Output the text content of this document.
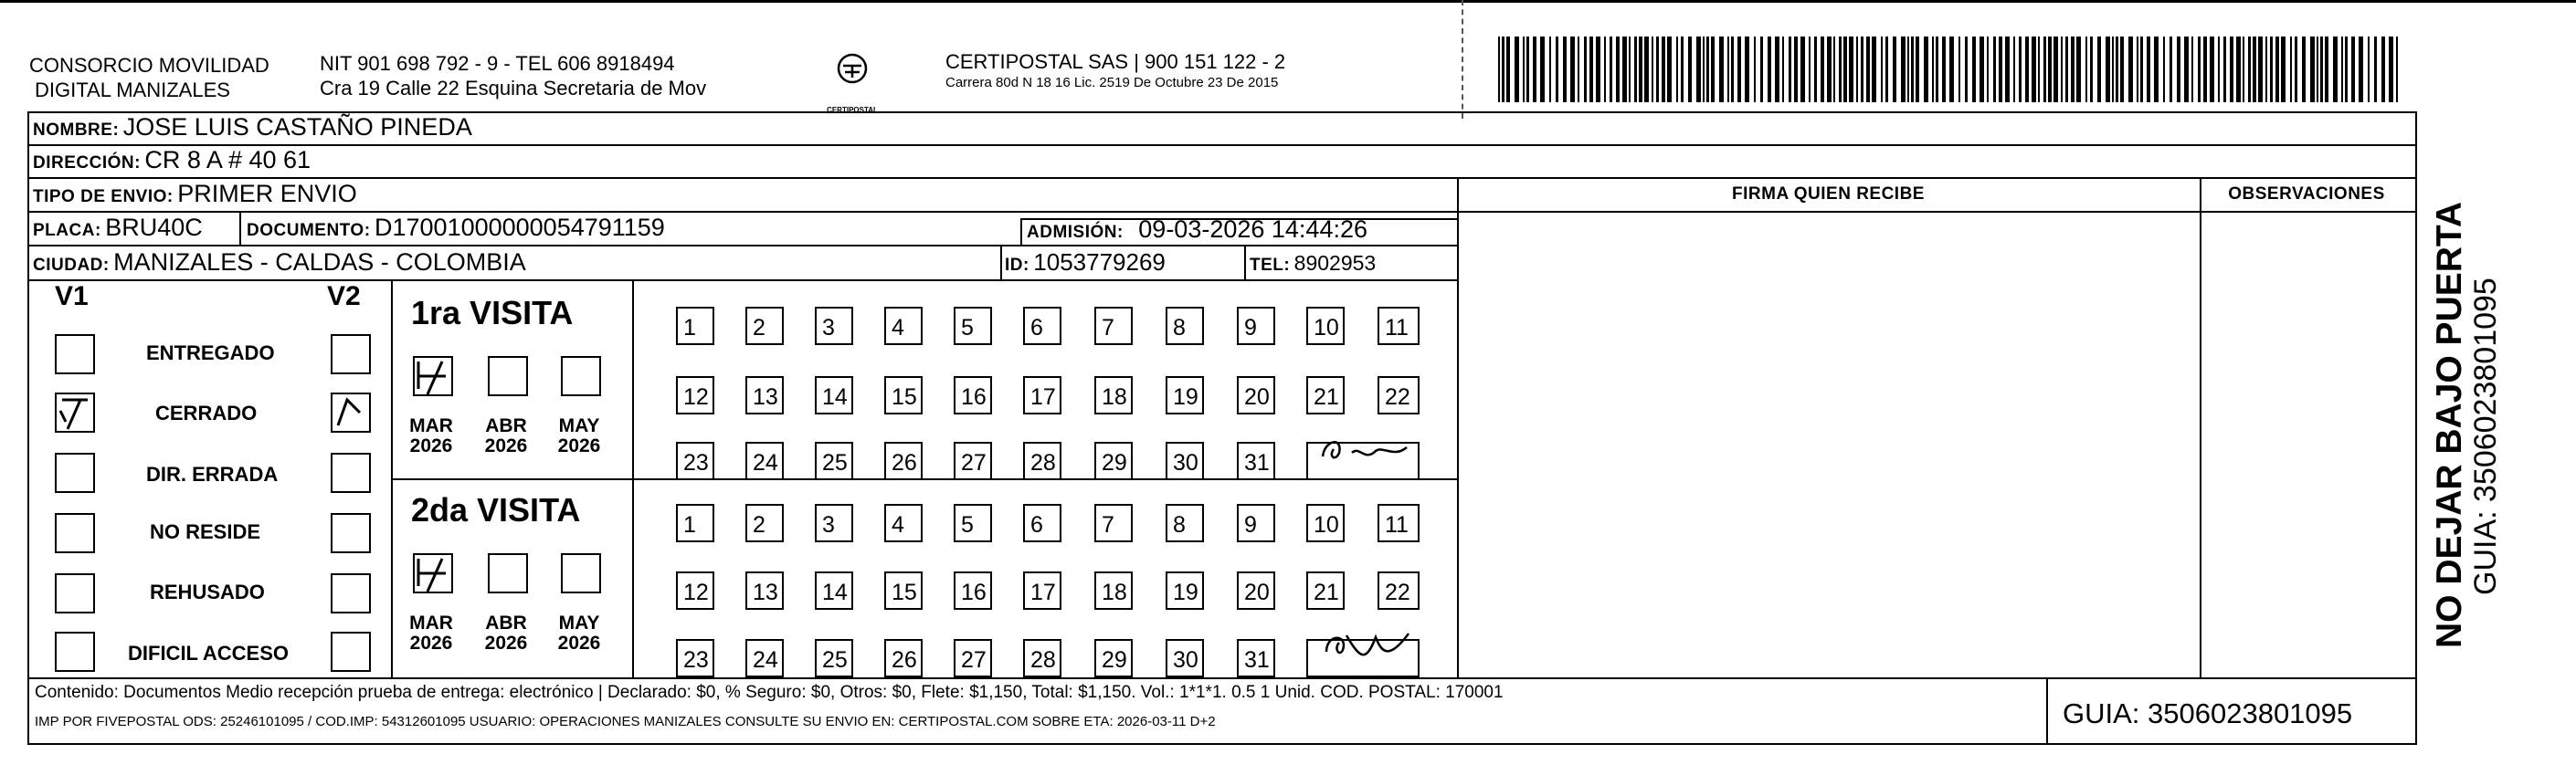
CONSORCIO MOVILIDAD
DIGITAL MANIZALES
NIT 901 698 792 - 9 - TEL 606 8918494
Cra 19 Calle 22 Esquina Secretaria de Mov
CERTIPOSTAL
CERTIPOSTAL SAS | 900 151 122 - 2
Carrera 80d N 18 16 Lic. 2519 De Octubre 23 De 2015
NOMBRE: JOSE LUIS CASTAÑO PINEDA
DIRECCIÓN: CR 8 A # 40 61
TIPO DE ENVIO: PRIMER ENVIO	FIRMA QUIEN RECIBE	OBSERVACIONES
PLACA: BRU40C	DOCUMENTO: D17001000000054791159	ADMISIÓN: 09-03-2026 14:44:26
CIUDAD: MANIZALES - CALDAS - COLOMBIA	ID: 1053779269	TEL: 8902953
V1	V2
ENTREGADO
CERRADO
DIR. ERRADA
NO RESIDE
REHUSADO
DIFICIL ACCESO
1ra VISITA
2da VISITA
MAR
2026
ABR
2026
MAY
2026
MAR
2026
ABR
2026
MAY
2026
1	2	3	4	5	6	7	8	9	10	11
12	13	14	15	16	17	18	19	20	21	22
23	24	25	26	27	28	29	30	31
1	2	3	4	5	6	7	8	9	10	11
12	13	14	15	16	17	18	19	20	21	22
23	24	25	26	27	28	29	30	31
Contenido: Documentos Medio recepción prueba de entrega: electrónico | Declarado: $0, % Seguro: $0, Otros: $0, Flete: $1,150, Total: $1,150. Vol.: 1*1*1. 0.5 1 Unid. COD. POSTAL: 170001
IMP POR FIVEPOSTAL ODS: 25246101095 / COD.IMP: 54312601095 USUARIO: OPERACIONES MANIZALES CONSULTE SU ENVIO EN: CERTIPOSTAL.COM SOBRE ETA: 2026-03-11 D+2	GUIA: 3506023801095
NO DEJAR BAJO PUERTA GUIA: 3506023801095
